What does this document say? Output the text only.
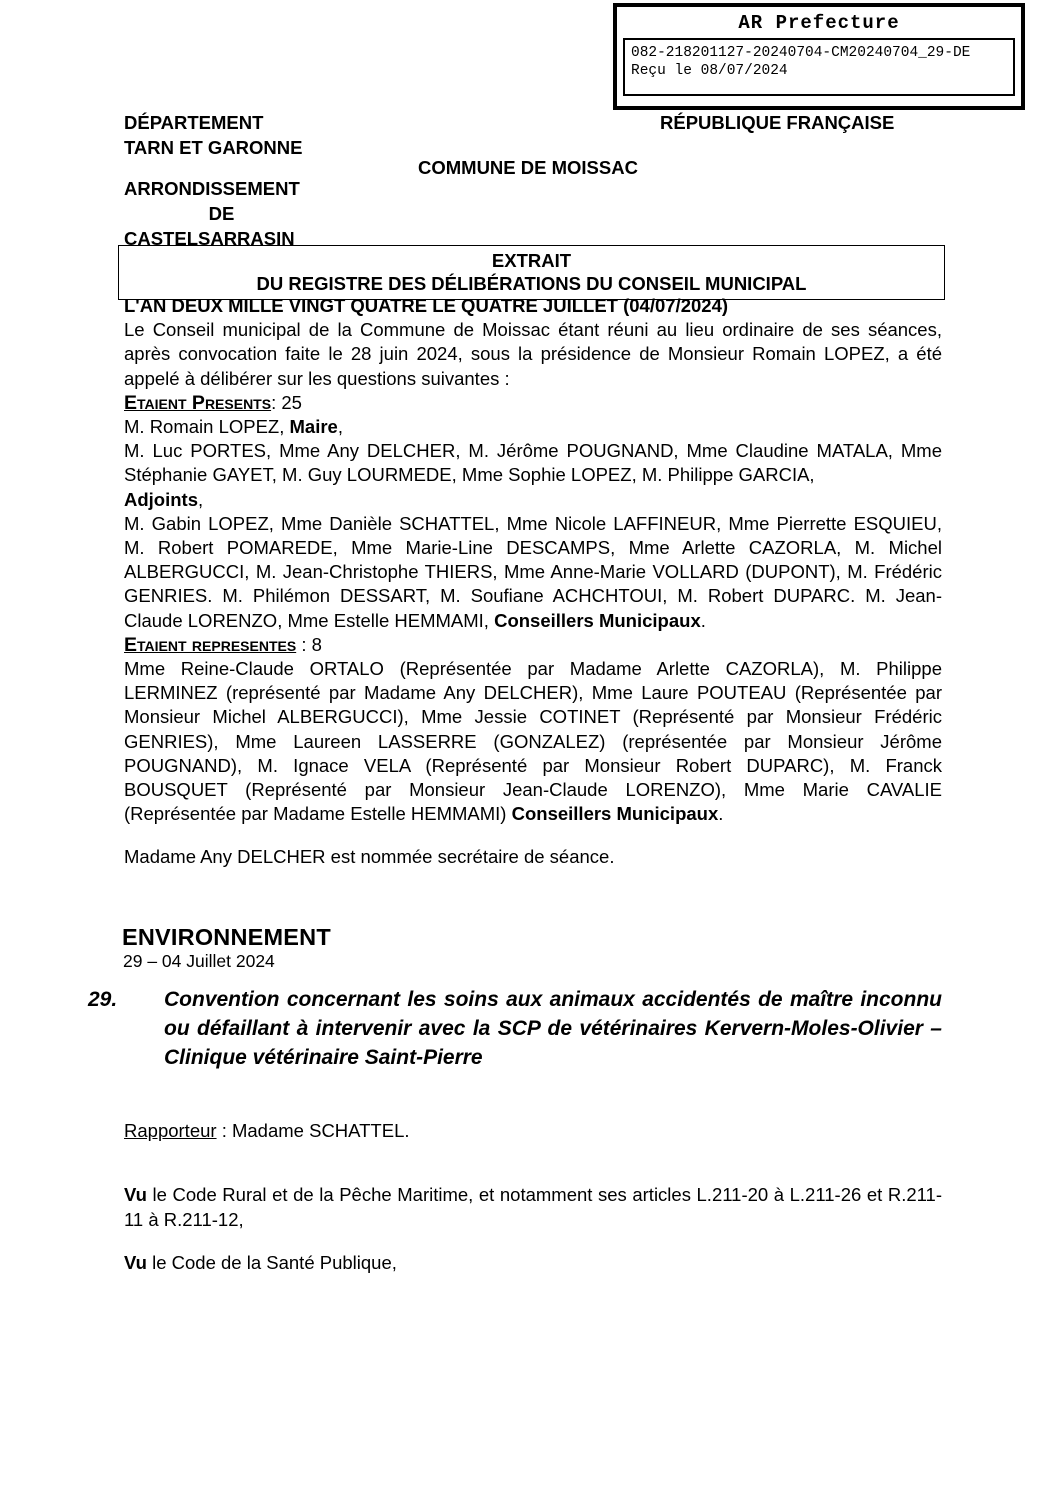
AR Prefecture
082-218201127-20240704-CM20240704_29-DE
Reçu le 08/07/2024
DÉPARTEMENT
TARN ET GARONNE
ARRONDISSEMENT
DE
CASTELSARRASIN
RÉPUBLIQUE FRANÇAISE
COMMUNE DE MOISSAC
EXTRAIT
DU REGISTRE DES DÉLIBÉRATIONS DU CONSEIL MUNICIPAL
L'AN DEUX MILLE VINGT QUATRE LE QUATRE JUILLET (04/07/2024)
Le Conseil municipal de la Commune de Moissac étant réuni au lieu ordinaire de ses séances, après convocation faite le 28 juin 2024, sous la présidence de Monsieur Romain LOPEZ, a été appelé à délibérer sur les questions suivantes :
Etaient Presents: 25
M. Romain LOPEZ, Maire,
M. Luc PORTES, Mme Any DELCHER, M. Jérôme POUGNAND, Mme Claudine MATALA, Mme Stéphanie GAYET, M. Guy LOURMEDE, Mme Sophie LOPEZ, M. Philippe GARCIA,
Adjoints,
M. Gabin LOPEZ, Mme Danièle SCHATTEL, Mme Nicole LAFFINEUR, Mme Pierrette ESQUIEU, M. Robert POMAREDE, Mme Marie-Line DESCAMPS, Mme Arlette CAZORLA, M. Michel ALBERGUCCI, M. Jean-Christophe THIERS, Mme Anne-Marie VOLLARD (DUPONT), M. Frédéric GENRIES. M. Philémon DESSART, M. Soufiane ACHCHTOUI, M. Robert DUPARC. M. Jean-Claude LORENZO, Mme Estelle HEMMAMI, Conseillers Municipaux.
Etaient representes : 8
Mme Reine-Claude ORTALO (Représentée par Madame Arlette CAZORLA), M. Philippe LERMINEZ (représenté par Madame Any DELCHER), Mme Laure POUTEAU (Représentée par Monsieur Michel ALBERGUCCI), Mme Jessie COTINET (Représenté par Monsieur Frédéric GENRIES), Mme Laureen LASSERRE (GONZALEZ) (représentée par Monsieur Jérôme POUGNAND), M. Ignace VELA (Représenté par Monsieur Robert DUPARC), M. Franck BOUSQUET (Représenté par Monsieur Jean-Claude LORENZO), Mme Marie CAVALIE (Représentée par Madame Estelle HEMMAMI) Conseillers Municipaux.
Madame Any DELCHER est nommée secrétaire de séance.
ENVIRONNEMENT
29 – 04 Juillet 2024
29. Convention concernant les soins aux animaux accidentés de maître inconnu ou défaillant à intervenir avec la SCP de vétérinaires Kervern-Moles-Olivier – Clinique vétérinaire Saint-Pierre
Rapporteur : Madame SCHATTEL.
Vu le Code Rural et de la Pêche Maritime, et notamment ses articles L.211-20 à L.211-26 et R.211-11 à R.211-12,
Vu le Code de la Santé Publique,
